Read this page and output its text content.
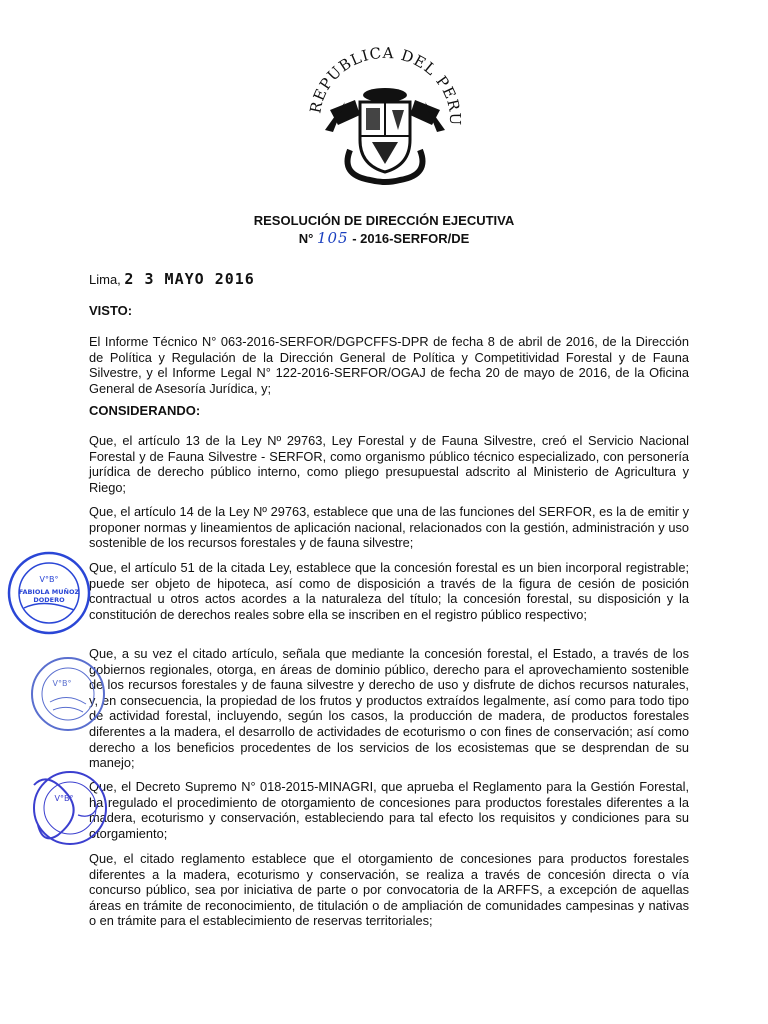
REPUBLICA DEL PERU
RESOLUCIÓN DE DIRECCIÓN EJECUTIVA
N° 105 - 2016-SERFOR/DE
Lima, 2 3 MAYO 2016
VISTO:
El Informe Técnico N° 063-2016-SERFOR/DGPCFFS-DPR de fecha 8 de abril de 2016, de la Dirección de Política y Regulación de la Dirección General de Política y Competitividad Forestal y de Fauna Silvestre, y el Informe Legal N° 122-2016-SERFOR/OGAJ de fecha 20 de mayo de 2016, de la Oficina General de Asesoría Jurídica, y;
CONSIDERANDO:
Que, el artículo 13 de la Ley Nº 29763, Ley Forestal y de Fauna Silvestre, creó el Servicio Nacional Forestal y de Fauna Silvestre - SERFOR, como organismo público técnico especializado, con personería jurídica de derecho público interno, como pliego presupuestal adscrito al Ministerio de Agricultura y Riego;
Que, el artículo 14 de la Ley Nº 29763, establece que una de las funciones del SERFOR, es la de emitir y proponer normas y lineamientos de aplicación nacional, relacionados con la gestión, administración y uso sostenible de los recursos forestales y de fauna silvestre;
Que, el artículo 51 de la citada Ley, establece que la concesión forestal es un bien incorporal registrable; puede ser objeto de hipoteca, así como de disposición a través de la figura de cesión de posición contractual u otros actos acordes a la naturaleza del título; la concesión forestal, su disposición y la constitución de derechos reales sobre ella se inscriben en el registro público respectivo;
Que, a su vez el citado artículo, señala que mediante la concesión forestal, el Estado, a través de los gobiernos regionales, otorga, en áreas de dominio público, derecho para el aprovechamiento sostenible de los recursos forestales y de fauna silvestre y derecho de uso y disfrute de dichos recursos naturales, y, en consecuencia, la propiedad de los frutos y productos extraídos legalmente, así como para todo tipo de actividad forestal, incluyendo, según los casos, la producción de madera, de productos forestales diferentes a la madera, el desarrollo de actividades de ecoturismo o con fines de conservación; así como derecho a los beneficios procedentes de los servicios de los ecosistemas que se desprendan de su manejo;
Que, el Decreto Supremo N° 018-2015-MINAGRI, que aprueba el Reglamento para la Gestión Forestal, ha regulado el procedimiento de otorgamiento de concesiones para productos forestales diferentes a la madera, ecoturismo y conservación, estableciendo para tal efecto los requisitos y condiciones para su otorgamiento;
Que, el citado reglamento establece que el otorgamiento de concesiones para productos forestales diferentes a la madera, ecoturismo y conservación, se realiza a través de concesión directa o vía concurso público, sea por iniciativa de parte o por convocatoria de la ARFFS, a excepción de aquellas áreas en trámite de reconocimiento, de titulación o de ampliación de comunidades campesinas y nativas o en trámite para el establecimiento de reservas territoriales;
V°B°
FABIOLA MUÑOZ
DODERO
V°B°
V°B°
